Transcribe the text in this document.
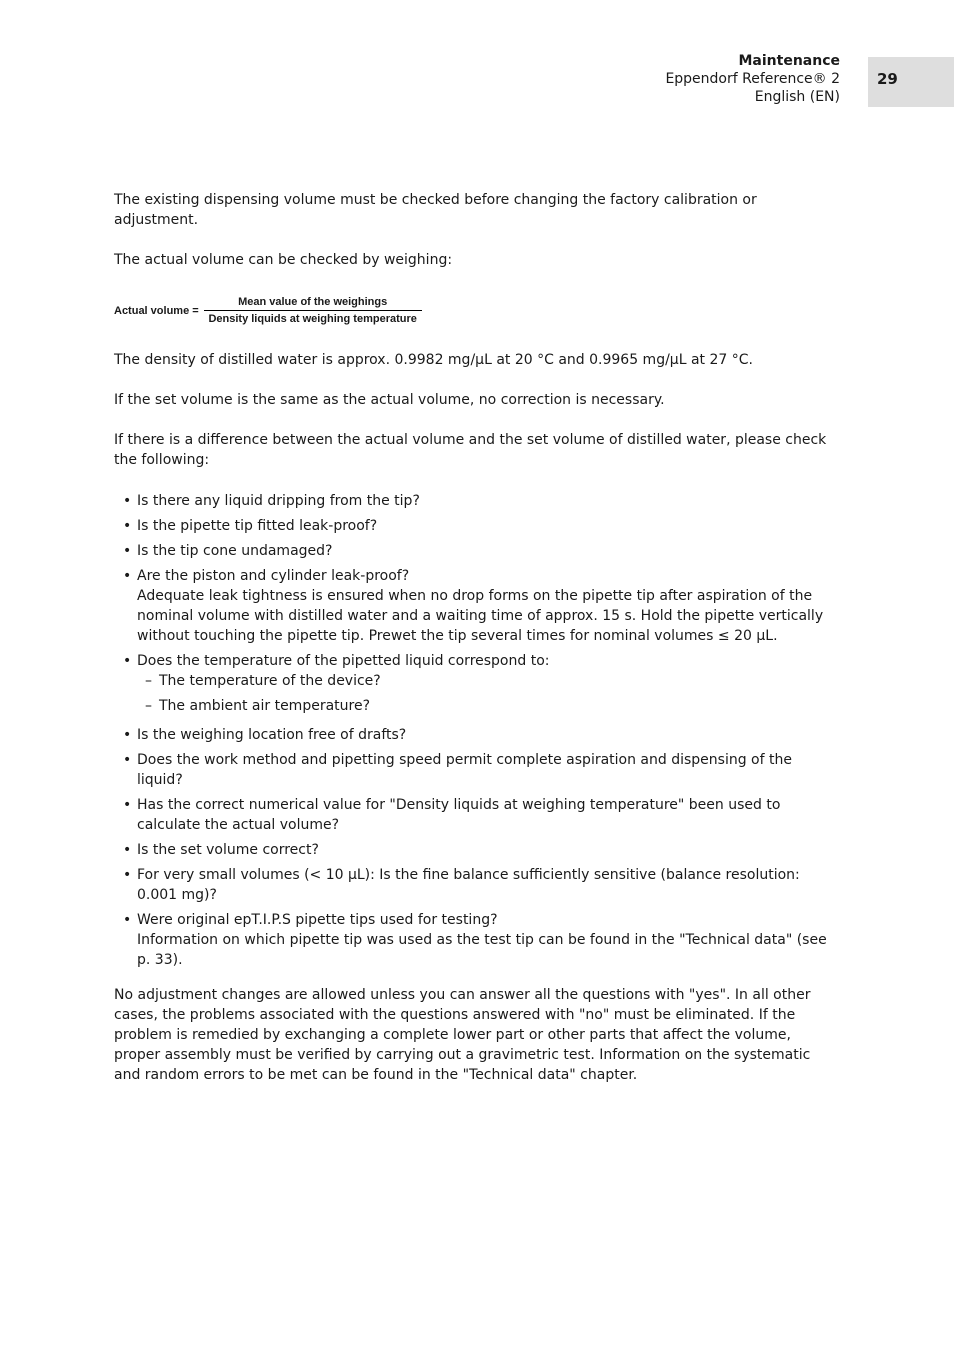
Maintenance
Eppendorf Reference® 2
English (EN)
29

The existing dispensing volume must be checked before changing the factory calibration or adjustment.

The actual volume can be checked by weighing:

Actual volume = $\frac{\text{Mean value of the weighings}}{\text{Density liquids at weighing temperature}}$

The density of distilled water is approx. 0.9982 mg/µL at 20 °C and 0.9965 mg/µL at 27 °C.

If the set volume is the same as the actual volume, no correction is necessary.

If there is a difference between the actual volume and the set volume of distilled water, please check the following:

• Is there any liquid dripping from the tip?
• Is the pipette tip fitted leak-proof?
• Is the tip cone undamaged?
• Are the piston and cylinder leak-proof?
Adequate leak tightness is ensured when no drop forms on the pipette tip after aspiration of the nominal volume with distilled water and a waiting time of approx. 15 s. Hold the pipette vertically without touching the pipette tip. Prewet the tip several times for nominal volumes ≤ 20 µL.
• Does the temperature of the pipetted liquid correspond to:
– The temperature of the device?
– The ambient air temperature?
• Is the weighing location free of drafts?
• Does the work method and pipetting speed permit complete aspiration and dispensing of the liquid?
• Has the correct numerical value for "Density liquids at weighing temperature" been used to calculate the actual volume?
• Is the set volume correct?
• For very small volumes (< 10 µL): Is the fine balance sufficiently sensitive (balance resolution: 0.001 mg)?
• Were original epT.I.P.S pipette tips used for testing?
Information on which pipette tip was used as the test tip can be found in the "Technical data" (see p. 33).

No adjustment changes are allowed unless you can answer all the questions with "yes". In all other cases, the problems associated with the questions answered with "no" must be eliminated. If the problem is remedied by exchanging a complete lower part or other parts that affect the volume, proper assembly must be verified by carrying out a gravimetric test. Information on the systematic and random errors to be met can be found in the "Technical data" chapter.
